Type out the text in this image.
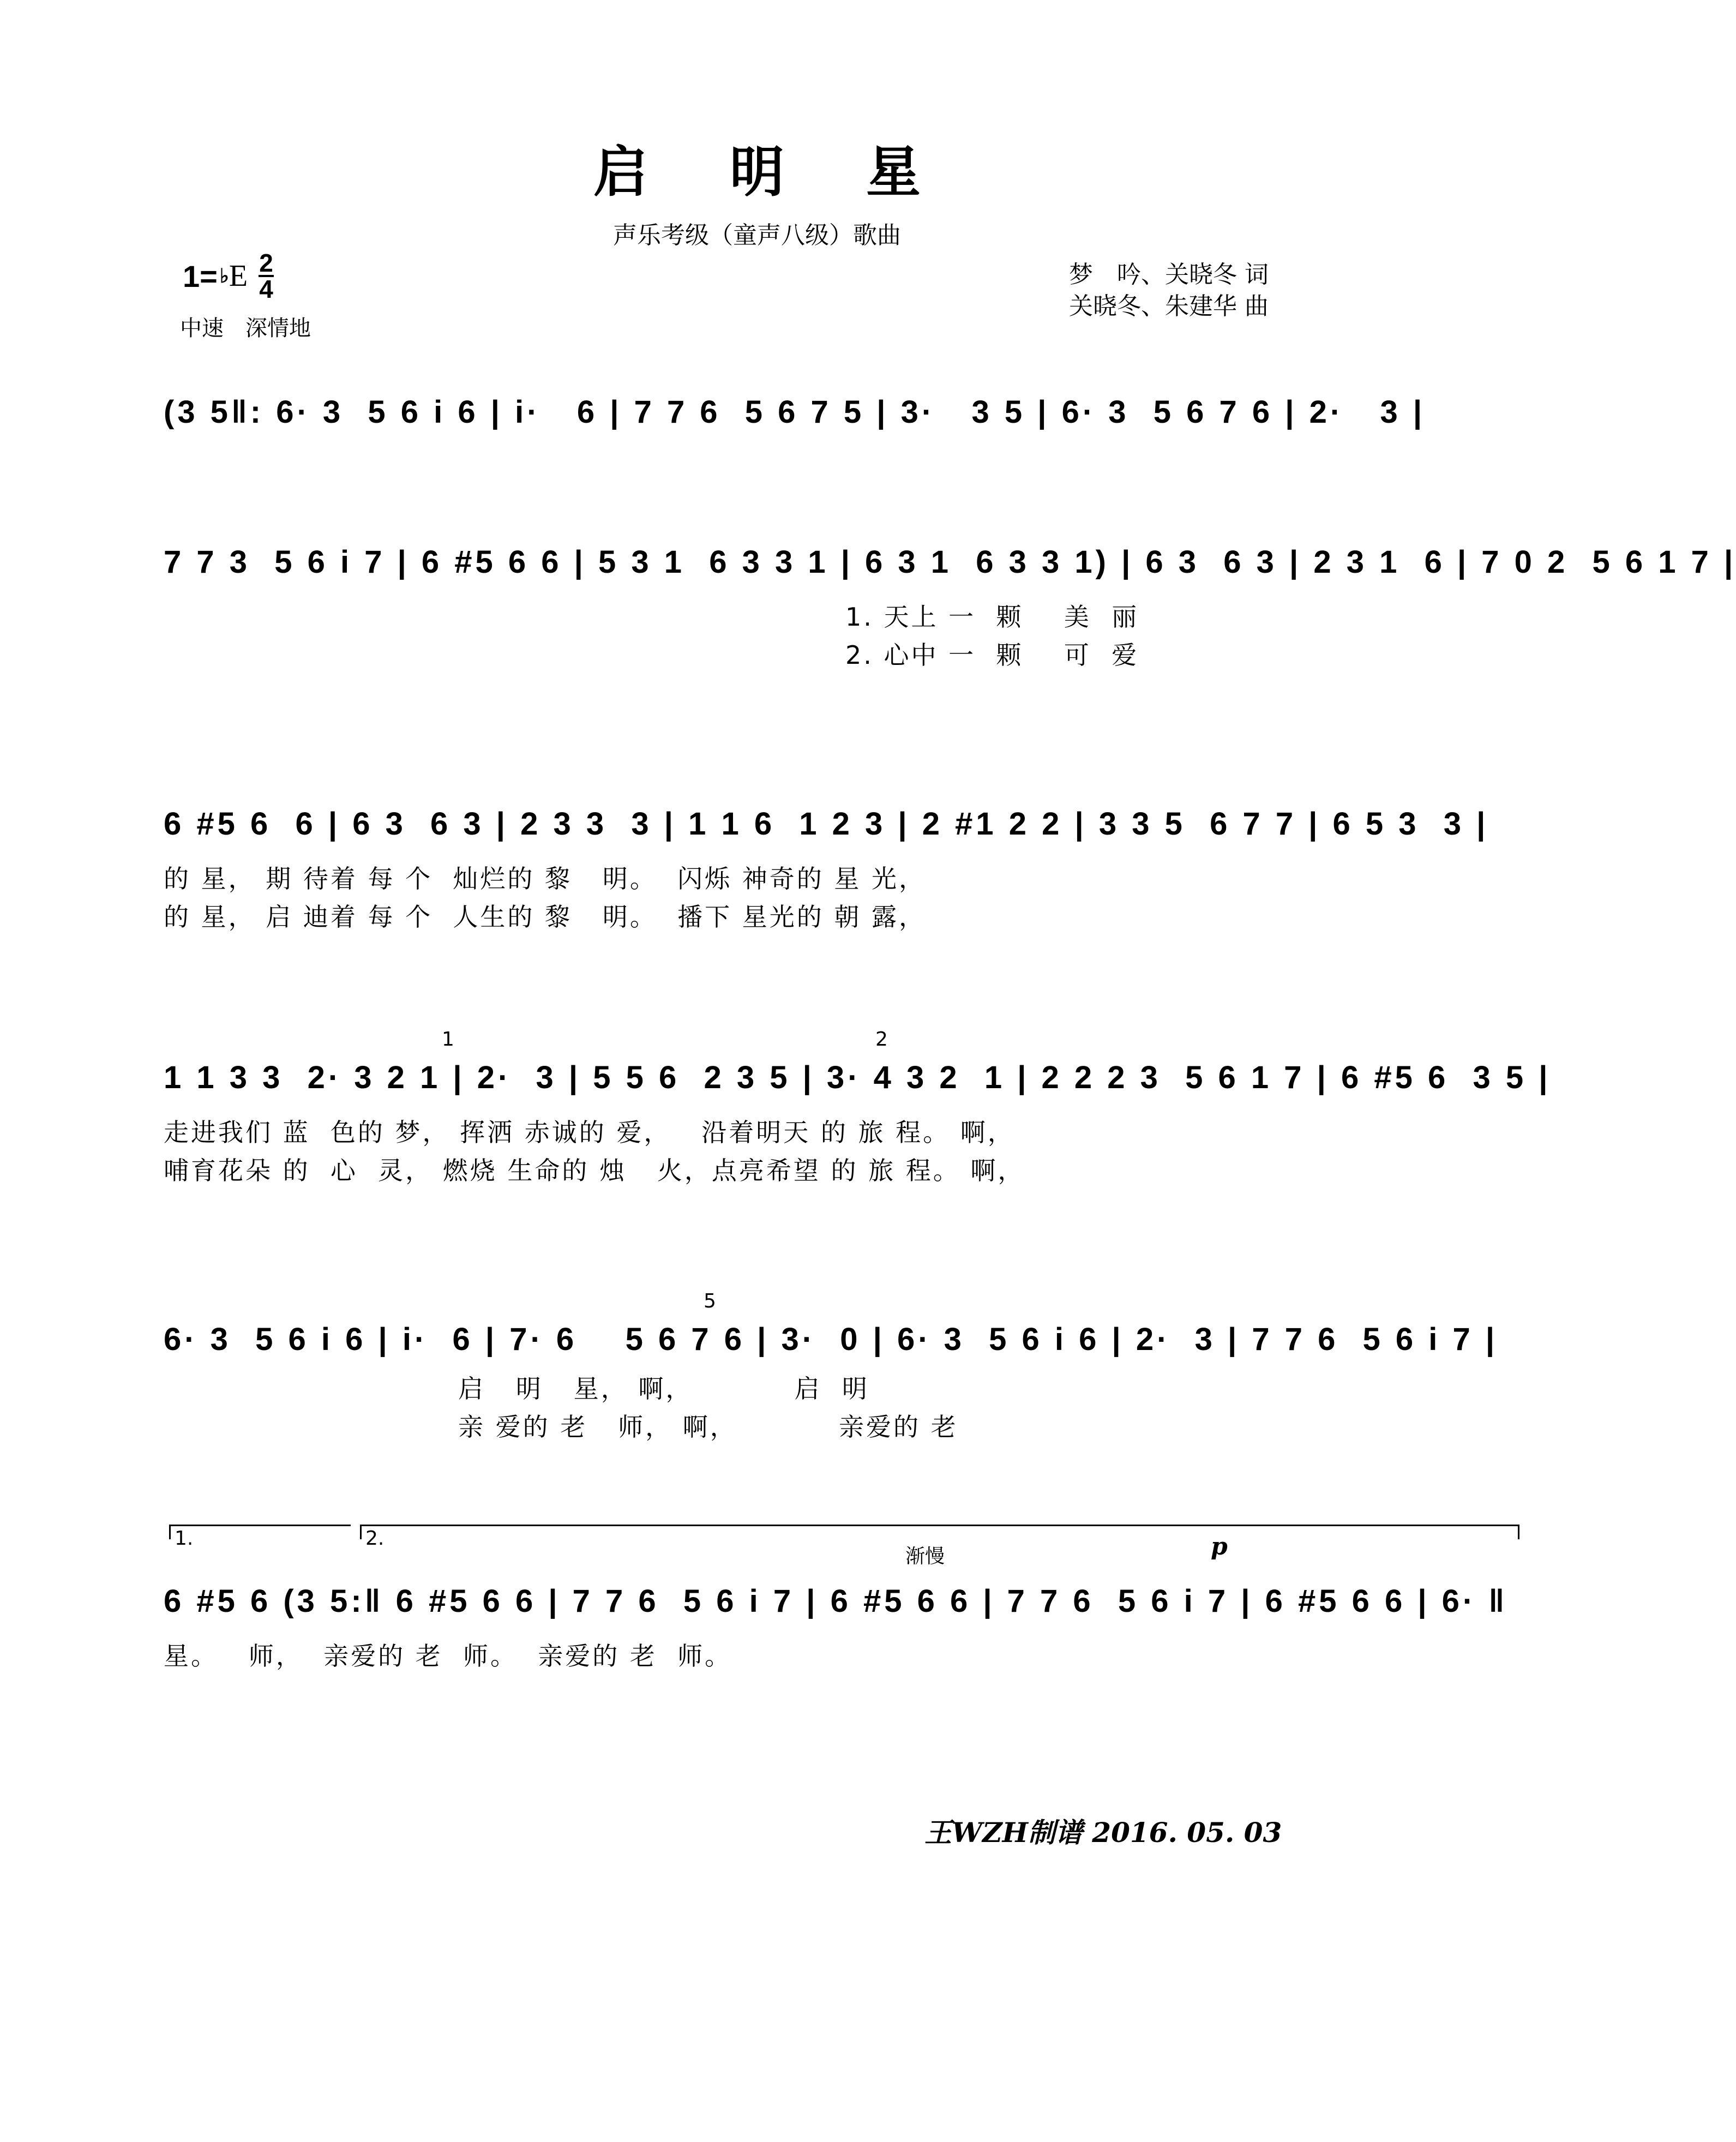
启明星
声乐考级（童声八级）歌曲
1= ♭ E $\frac{2}{4}$
中速　深情地
梦　吟、关晓冬 词
关晓冬、朱建华 曲
(3 5‖: 6· 3  5 6 i 6 | i·   6 | 7 7 6  5 6 7 5 | 3·   3 5 | 6· 3  5 6 7 6 | 2·   3 |
7 7 3  5 6 i 7 | 6 #5 6 6 | 5 3 1  6 3 3 1 | 6 3 1  6 3 3 1) | 6 3  6 3 | 2 3 1  6 | 7 0 2  5 6 1 7 |
1. 天上 一  颗    美  丽
2. 心中 一  颗    可  爱
6 #5 6  6 | 6 3  6 3 | 2 3 3  3 | 1 1 6  1 2 3 | 2 #1 2 2 | 3 3 5  6 7 7 | 6 5 3  3 |
的 星， 期 待着 每 个  灿烂的 黎   明。  闪烁 神奇的 星 光，
的 星， 启 迪着 每 个  人生的 黎   明。  播下 星光的 朝 露，
1	2
1 1 3 3  2· 3 2 1 | 2·  3 | 5 5 6  2 3 5 | 3· 4 3 2  1 | 2 2 2 3  5 6 1 7 | 6 #5 6  3 5 |
走进我们 蓝  色的 梦， 挥洒 赤诚的 爱，   沿着明天 的 旅 程。 啊，
哺育花朵 的  心  灵， 燃烧 生命的 烛   火，点亮希望 的 旅 程。 啊，
5
6· 3  5 6 i 6 | i·  6 | 7· 6    5 6 7 6 | 3·  0 | 6· 3  5 6 i 6 | 2·  3 | 7 7 6  5 6 i 7 |
启   明   星， 啊，          启  明
亲 爱的 老   师， 啊，          亲爱的 老
1.	2.
渐慢	p
6 #5 6 (3 5:‖ 6 #5 6 6 | 7 7 6  5 6 i 7 | 6 #5 6 6 | 7 7 6  5 6 i 7 | 6 #5 6 6 | 6· ‖
星。   师，  亲爱的 老  师。  亲爱的 老  师。
王WZH制谱 2016. 05. 03
